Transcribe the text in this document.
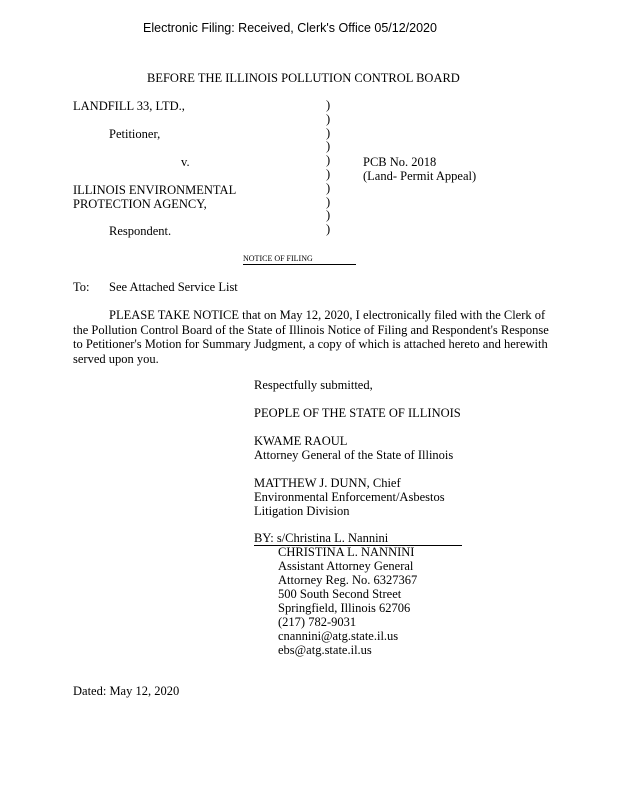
Electronic Filing: Received, Clerk's Office 05/12/2020
BEFORE THE ILLINOIS POLLUTION CONTROL BOARD
LANDFILL 33, LTD.,
Petitioner,
v.
ILLINOIS ENVIRONMENTAL
PROTECTION AGENCY,
Respondent.
)
)
)
)
)
)
)
)
)
)
PCB No. 2018
(Land- Permit Appeal)
NOTICE OF FILING
To: See Attached Service List
PLEASE TAKE NOTICE that on May 12, 2020, I electronically filed with the Clerk of the Pollution Control Board of the State of Illinois Notice of Filing and Respondent's Response to Petitioner's Motion for Summary Judgment, a copy of which is attached hereto and herewith served upon you.
Respectfully submitted,
PEOPLE OF THE STATE OF ILLINOIS
KWAME RAOUL
Attorney General of the State of Illinois
MATTHEW J. DUNN, Chief
Environmental Enforcement/Asbestos
Litigation Division
BY: s/Christina L. Nannini
CHRISTINA L. NANNINI
Assistant Attorney General
Attorney Reg. No. 6327367
500 South Second Street
Springfield, Illinois 62706
(217) 782-9031
cnannini@atg.state.il.us
ebs@atg.state.il.us
Dated: May 12, 2020
